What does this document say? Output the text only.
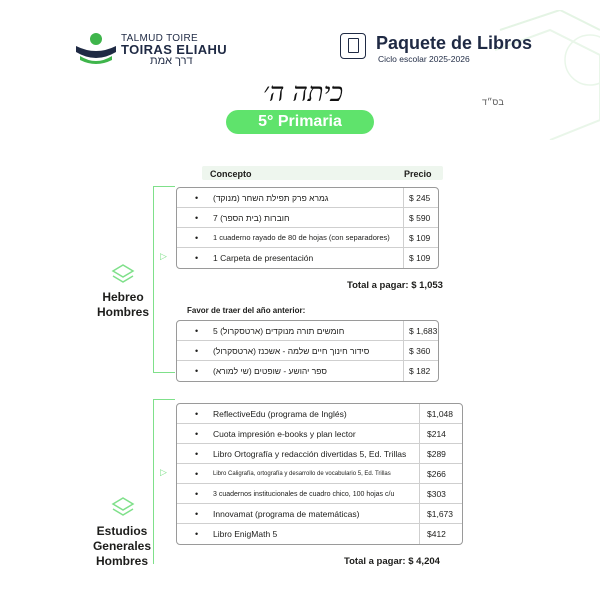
TALMUD TOIRE
TOIRAS ELIAHU
דרך אמת
Paquete de Libros
Ciclo escolar 2025-2026
בס״ד
כיתה ה׳
5° Primaria
Concepto	Precio
▷
▷
Hebreo
Hombres
Estudios
Generales
Hombres
• גמרא פרק תפילת השחר (מנוקד)	$ 245
• חוברות (בית הספר) 7	$ 590
• 1 cuaderno rayado de 80 de hojas (con separadores) $ 109
• 1 Carpeta de presentación	$ 109
Total a pagar: $ 1,053
Favor de traer del año anterior:
• 5 חומשים תורה מנוקדים (ארטסקרול)	$ 1,683
• סידור חינוך חיים שלמה - אשכנז (ארטסקרול)	$ 360
• ספר יהושע - שופטים (שי למורא)	$ 182
• ReflectiveEdu (programa de Inglés)	$1,048
• Cuota impresión e-books y plan lector	$214
• Libro Ortografía y redacción divertidas 5, Ed. Trillas $289
• Libro Caligrafía, ortografía y desarrollo de vocabulario 5, Ed. Trillas	$266
• 3 cuadernos institucionales de cuadro chico, 100 hojas c/u	$303
• Innovamat (programa de matemáticas)	$1,673
• Libro EnigMath 5	$412
Total a pagar: $ 4,204
